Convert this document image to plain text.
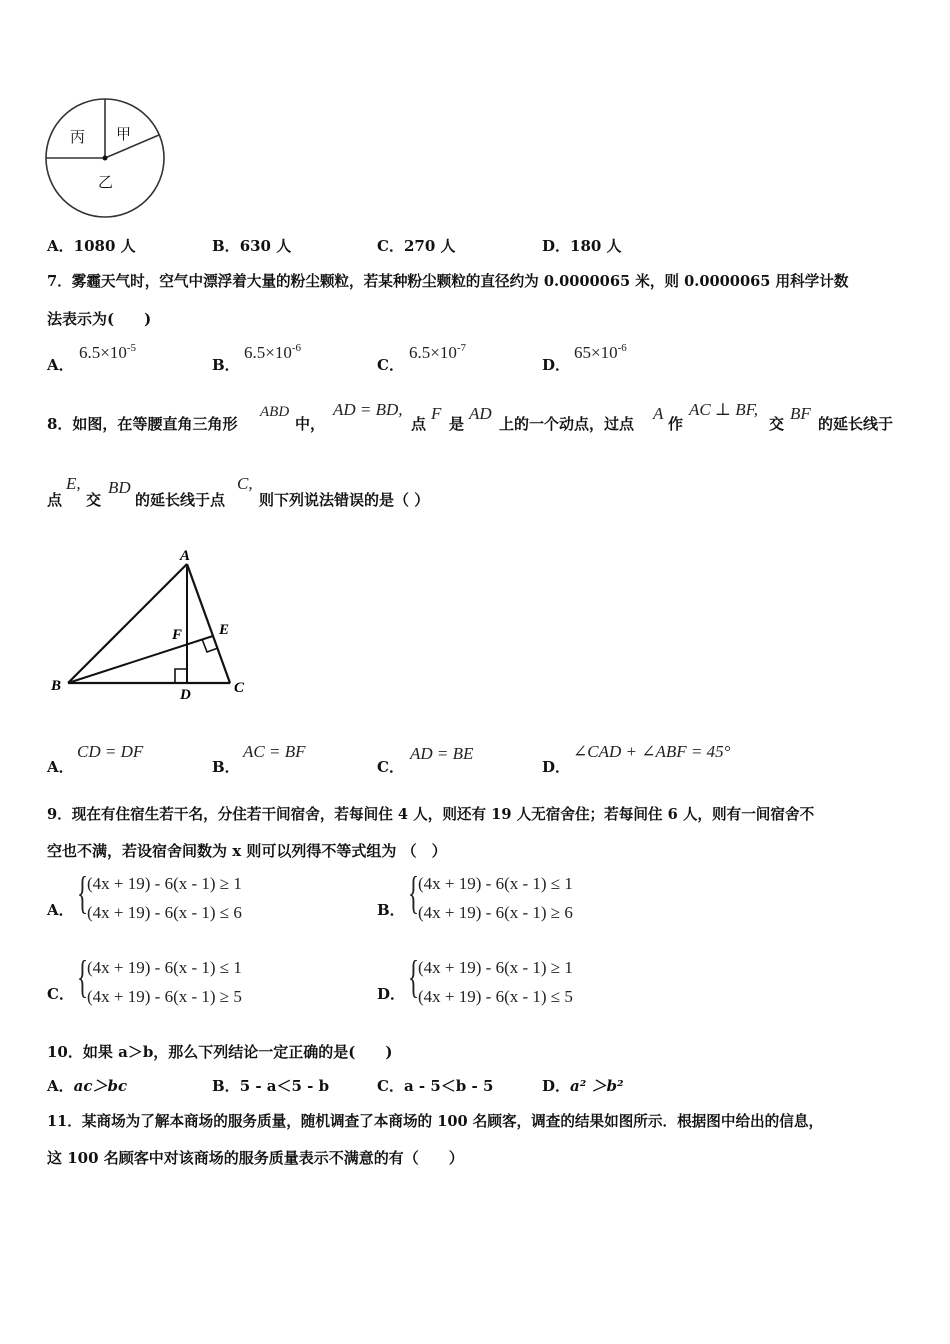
丙 甲
乙
A．1080 人	B．630 人	C．270 人	D．180 人
7．雾霾天气时，空气中漂浮着大量的粉尘颗粒，若某种粉尘颗粒的直径约为 0.0000065 米，则 0.0000065 用科学计数
法表示为(　　)
A．
$6.5\times 10^{-5}$
B．
$6.5\times 10^{-6}$
C．
$6.5\times 10^{-7}$
D．
$65\times 10^{-6}$
8．如图，在等腰直角三角形
ABD
中，
AD = BD,
点
F
是
AD
上的一个动点，过点
A
作
AC ⊥ BF,
交
BF
的延长线于
点
E,
交
BD
的延长线于点
C,
则下列说法错误的是（ ）
A
B	C
D
E
F
A．
CD = DF
B．
AC = BF
C．
AD = BE
D．
∠CAD + ∠ABF = 45°
9．现在有住宿生若干名，分住若干间宿舍，若每间住 4 人，则还有 19 人无宿舍住；若每间住 6 人，则有一间宿舍不
空也不满，若设宿舍间数为 x 则可以列得不等式组为 （　）
A． {
(4x + 19) - 6(x - 1) ≥ 1
(4x + 19) - 6(x - 1) ≤ 6	B． {
(4x + 19) - 6(x - 1) ≤ 1
(4x + 19) - 6(x - 1) ≥ 6
C． {
(4x + 19) - 6(x - 1) ≤ 1
(4x + 19) - 6(x - 1) ≥ 5	D． {
(4x + 19) - 6(x - 1) ≥ 1
(4x + 19) - 6(x - 1) ≤ 5
10．如果 a＞b，那么下列结论一定正确的是(　　)
A．ac＞bc	B．5 - a＜5 - b	C．a - 5＜b - 5	D．a² ＞b²
11．某商场为了解本商场的服务质量，随机调查了本商场的 100 名顾客，调查的结果如图所示．根据图中给出的信息，
这 100 名顾客中对该商场的服务质量表示不满意的有（　　）
